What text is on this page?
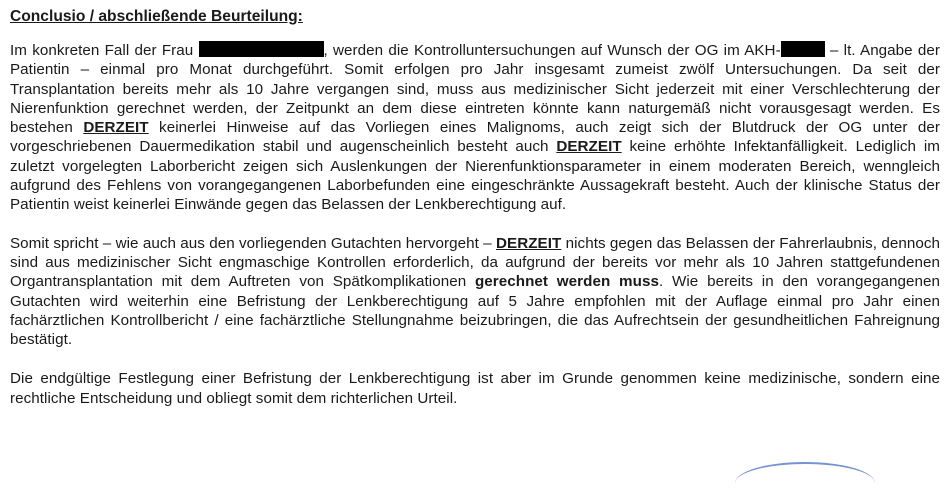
Conclusio / abschließende Beurteilung:

Im konkreten Fall der Frau	, werden die Kontrolluntersuchungen auf Wunsch der OG im AKH-	– lt. Angabe der Patientin – einmal pro Monat durchgeführt. Somit erfolgen pro Jahr insgesamt zumeist zwölf Untersuchungen. Da seit der Transplantation bereits mehr als 10 Jahre vergangen sind, muss aus medizinischer Sicht jederzeit mit einer Verschlechterung der Nierenfunktion gerechnet werden, der Zeitpunkt an dem diese eintreten könnte kann naturgemäß nicht vorausgesagt werden. Es bestehen DERZEIT keinerlei Hinweise auf das Vorliegen eines Malignoms, auch zeigt sich der Blutdruck der OG unter der vorgeschriebenen Dauermedikation stabil und augenscheinlich besteht auch DERZEIT keine erhöhte Infektanfälligkeit. Lediglich im zuletzt vorgelegten Laborbericht zeigen sich Auslenkungen der Nierenfunktionsparameter in einem moderaten Bereich, wenngleich aufgrund des Fehlens von vorangegangenen Laborbefunden eine eingeschränkte Aussagekraft besteht. Auch der klinische Status der Patientin weist keinerlei Einwände gegen das Belassen der Lenkberechtigung auf.

Somit spricht – wie auch aus den vorliegenden Gutachten hervorgeht – DERZEIT nichts gegen das Belassen der Fahrerlaubnis, dennoch sind aus medizinischer Sicht engmaschige Kontrollen erforderlich, da aufgrund der bereits vor mehr als 10 Jahren stattgefundenen Organtransplantation mit dem Auftreten von Spätkomplikationen gerechnet werden muss. Wie bereits in den vorangegangenen Gutachten wird weiterhin eine Befristung der Lenkberechtigung auf 5 Jahre empfohlen mit der Auflage einmal pro Jahr einen fachärztlichen Kontrollbericht / eine fachärztliche Stellungnahme beizubringen, die das Aufrechtsein der gesundheitlichen Fahreignung bestätigt.

Die endgültige Festlegung einer Befristung der Lenkberechtigung ist aber im Grunde genommen keine medizinische, sondern eine rechtliche Entscheidung und obliegt somit dem richterlichen Urteil.
